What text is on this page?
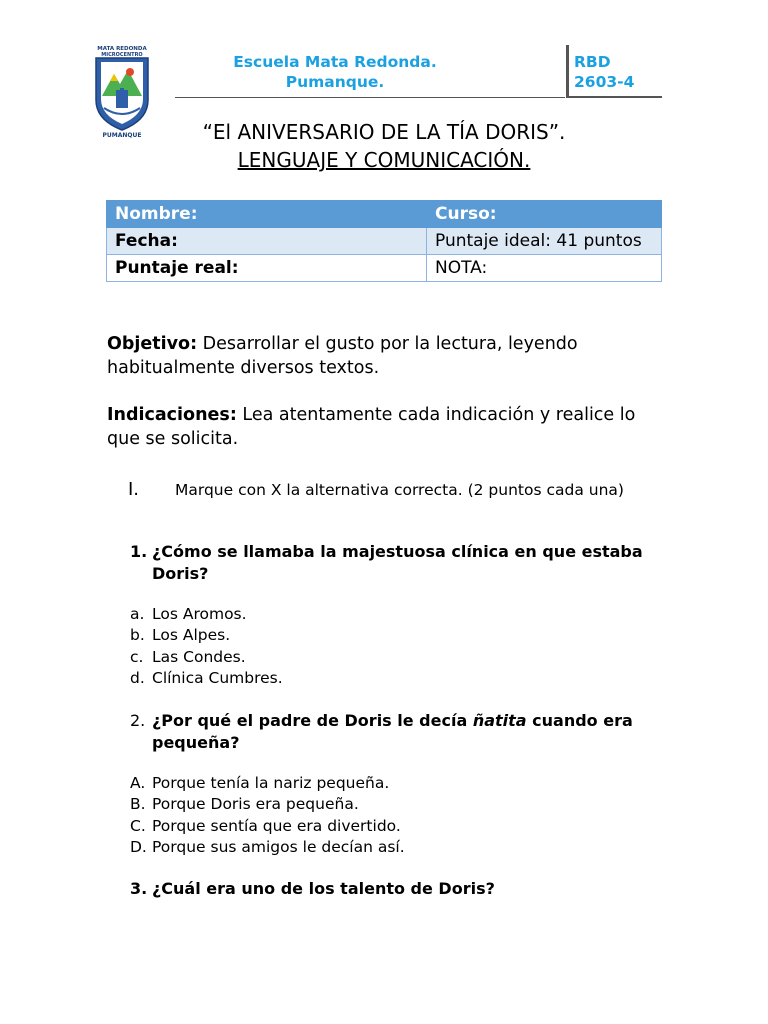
MATA REDONDA
MICROCENTRO
PUMANQUE
Escuela Mata Redonda.
Pumanque.
RBD
2603-4
“El ANIVERSARIO DE LA TÍA DORIS”.
LENGUAJE Y COMUNICACIÓN.
Nombre:	Curso:
Fecha:	Puntaje ideal: 41 puntos
Puntaje real:	NOTA:
Objetivo: Desarrollar el gusto por la lectura, leyendo habitualmente diversos textos.
Indicaciones: Lea atentamente cada indicación y realice lo que se solicita.
I. Marque con X la alternativa correcta. (2 puntos cada una)
1. ¿Cómo se llamaba la majestuosa clínica en que estaba Doris?
a. Los Aromos.
b. Los Alpes.
c. Las Condes.
d. Clínica Cumbres.
2. ¿Por qué el padre de Doris le decía ñatita cuando era pequeña?
A. Porque tenía la nariz pequeña.
B. Porque Doris era pequeña.
C. Porque sentía que era divertido.
D. Porque sus amigos le decían así.
3. ¿Cuál era uno de los talento de Doris?
